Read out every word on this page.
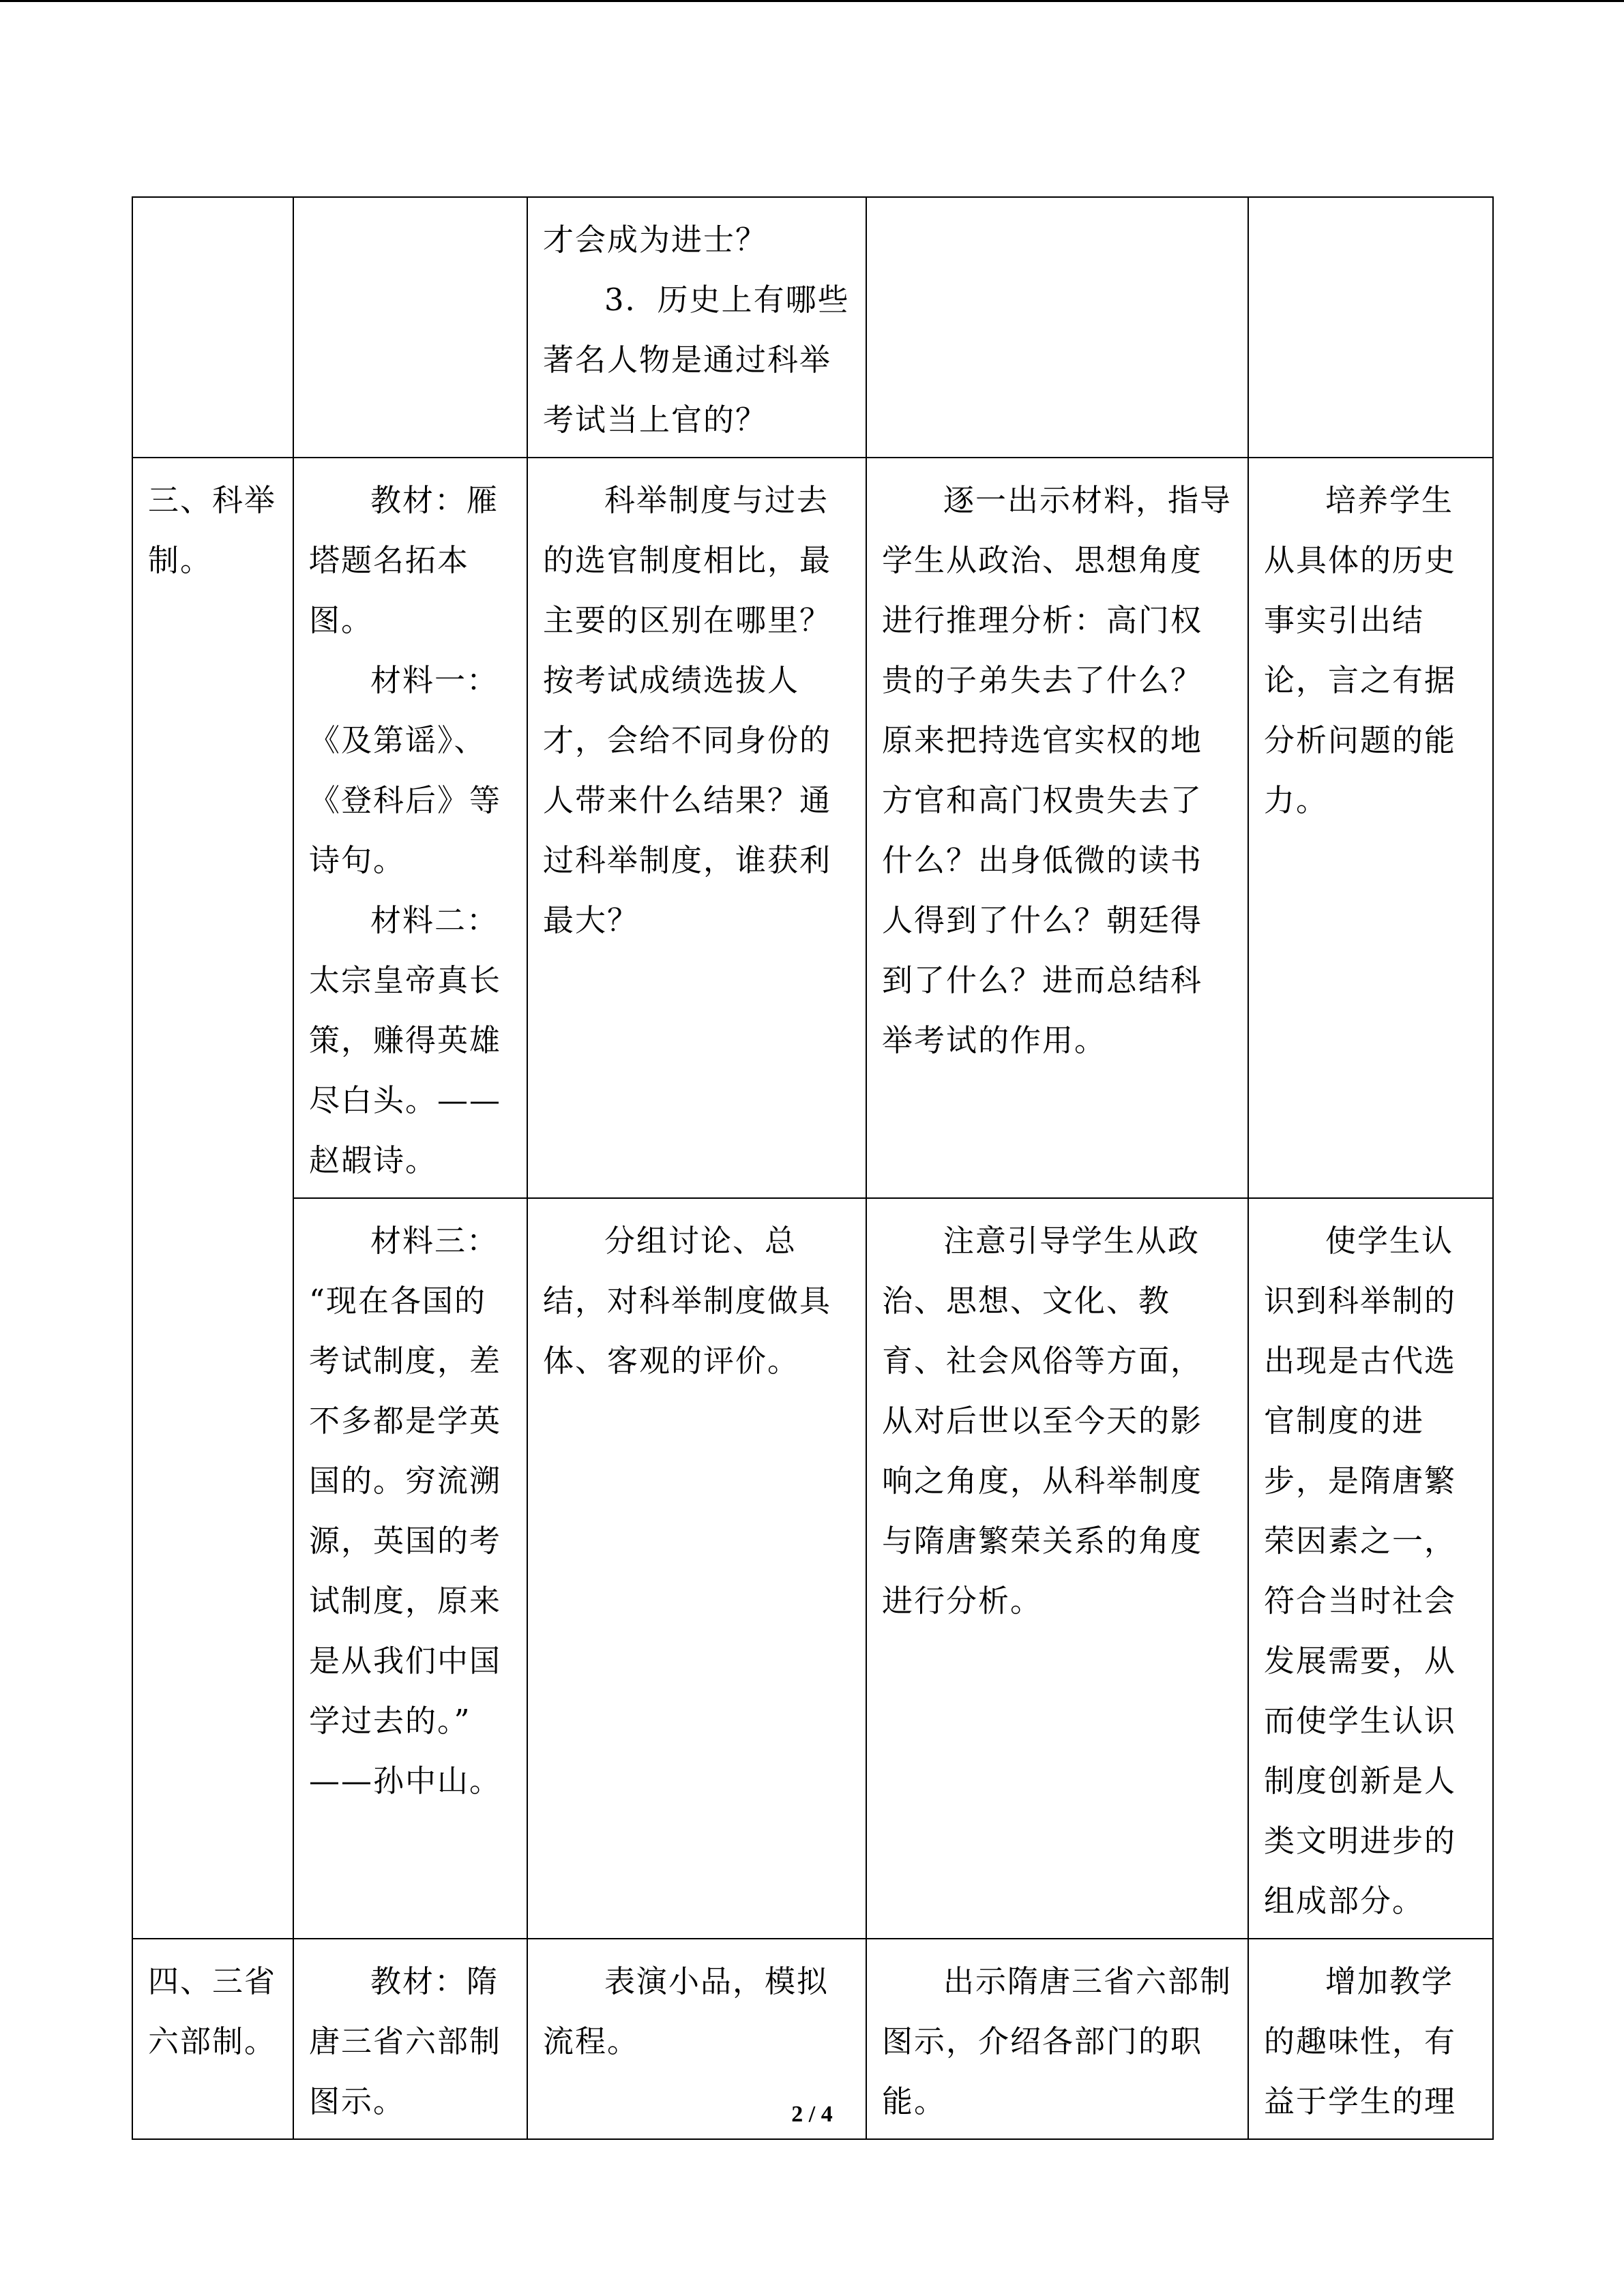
		才会成为进士？
3．历史上有哪些著名人物是通过科举考试当上官的？		

三、科举制。	教材：雁塔题名拓本图。
材料一：《及第谣》、《登科后》等诗句。
材料二：太宗皇帝真长策，赚得英雄尽白头。——赵嘏诗。	科举制度与过去的选官制度相比，最主要的区别在哪里？按考试成绩选拔人才，会给不同身份的人带来什么结果？通过科举制度，谁获利最大？	逐一出示材料，指导学生从政治、思想角度进行推理分析：高门权贵的子弟失去了什么？原来把持选官实权的地方官和高门权贵失去了什么？出身低微的读书人得到了什么？朝廷得到了什么？进而总结科举考试的作用。	培养学生从具体的历史事实引出结论，言之有据分析问题的能力。

	材料三：
“现在各国的考试制度，差不多都是学英国的。穷流溯源，英国的考试制度，原来是从我们中国学过去的。”
——孙中山。	分组讨论、总结，对科举制度做具体、客观的评价。	注意引导学生从政治、思想、文化、教育、社会风俗等方面，从对后世以至今天的影响之角度，从科举制度与隋唐繁荣关系的角度进行分析。	使学生认识到科举制的出现是古代选官制度的进步，是隋唐繁荣因素之一，符合当时社会发展需要，从而使学生认识制度创新是人类文明进步的组成部分。

四、三省六部制。	教材：隋唐三省六部制图示。	表演小品，模拟流程。	出示隋唐三省六部制图示，介绍各部门的职能。	增加教学的趣味性，有益于学生的理
2 / 4
